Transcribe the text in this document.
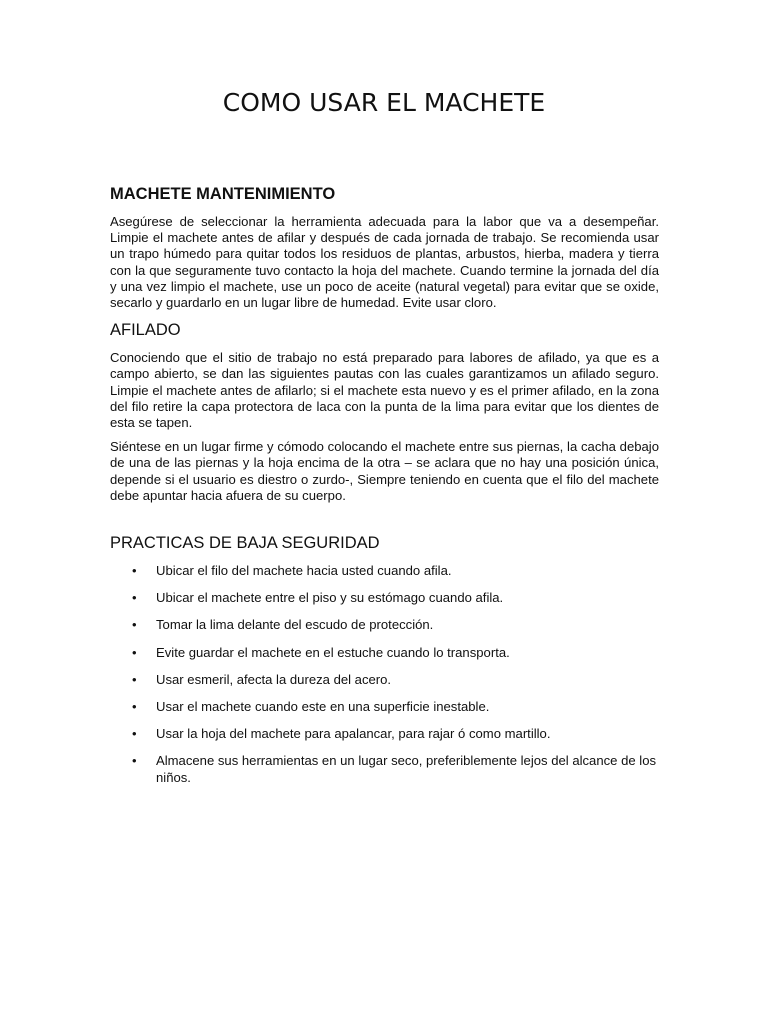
COMO USAR EL MACHETE
MACHETE MANTENIMIENTO

Asegúrese de seleccionar la herramienta adecuada para la labor que va a desempeñar. Limpie el machete antes de afilar y después de cada jornada de trabajo. Se recomienda usar un trapo húmedo para quitar todos los residuos de plantas, arbustos, hierba, madera y tierra con la que seguramente tuvo contacto la hoja del machete. Cuando termine la jornada del día y una vez limpio el machete, use un poco de aceite (natural vegetal) para evitar que se oxide, secarlo y guardarlo en un lugar libre de humedad. Evite usar cloro.

AFILADO

Conociendo que el sitio de trabajo no está preparado para labores de afilado, ya que es a campo abierto, se dan las siguientes pautas con las cuales garantizamos un afilado seguro. Limpie el machete antes de afilarlo; si el machete esta nuevo y es el primer afilado, en la zona del filo retire la capa protectora de laca con la punta de la lima para evitar que los dientes de esta se tapen.

Siéntese en un lugar firme y cómodo colocando el machete entre sus piernas, la cacha debajo de una de las piernas y la hoja encima de la otra – se aclara que no hay una posición única, depende si el usuario es diestro o zurdo-, Siempre teniendo en cuenta que el filo del machete debe apuntar hacia afuera de su cuerpo.

PRACTICAS DE BAJA SEGURIDAD
• Ubicar el filo del machete hacia usted cuando afila.
• Ubicar el machete entre el piso y su estómago cuando afila.
• Tomar la lima delante del escudo de protección.
• Evite guardar el machete en el estuche cuando lo transporta.
• Usar esmeril, afecta la dureza del acero.
• Usar el machete cuando este en una superficie inestable.
• Usar la hoja del machete para apalancar, para rajar ó como martillo.
• Almacene sus herramientas en un lugar seco, preferiblemente lejos del alcance de los niños.
